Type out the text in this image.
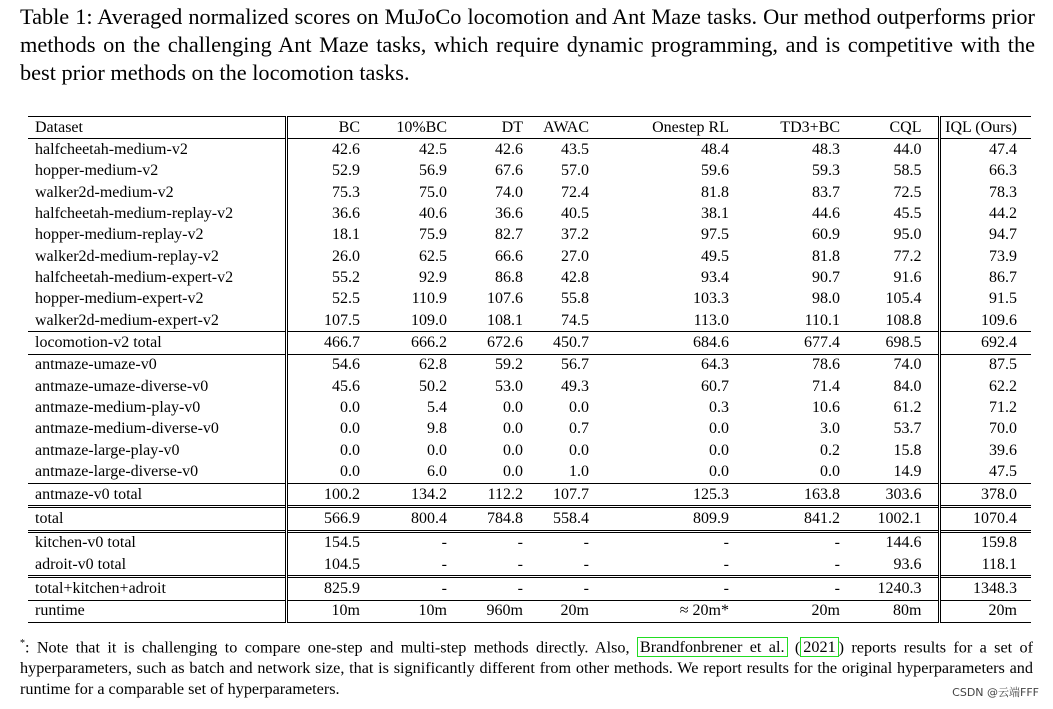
Table 1: Averaged normalized scores on MuJoCo locomotion and Ant Maze tasks. Our method outperforms prior methods on the challenging Ant Maze tasks, which require dynamic programming, and is competitive with the best prior methods on the locomotion tasks.
Dataset	BC	10%BC	DT	AWAC	Onestep RL	TD3+BC	CQL	IQL (Ours)
halfcheetah-medium-v2	42.6	42.5	42.6	43.5	48.4	48.3	44.0	47.4
hopper-medium-v2	52.9	56.9	67.6	57.0	59.6	59.3	58.5	66.3
walker2d-medium-v2	75.3	75.0	74.0	72.4	81.8	83.7	72.5	78.3
halfcheetah-medium-replay-v2	36.6	40.6	36.6	40.5	38.1	44.6	45.5	44.2
hopper-medium-replay-v2	18.1	75.9	82.7	37.2	97.5	60.9	95.0	94.7
walker2d-medium-replay-v2	26.0	62.5	66.6	27.0	49.5	81.8	77.2	73.9
halfcheetah-medium-expert-v2	55.2	92.9	86.8	42.8	93.4	90.7	91.6	86.7
hopper-medium-expert-v2	52.5	110.9	107.6	55.8	103.3	98.0	105.4	91.5
walker2d-medium-expert-v2	107.5	109.0	108.1	74.5	113.0	110.1	108.8	109.6
locomotion-v2 total	466.7	666.2	672.6	450.7	684.6	677.4	698.5	692.4
antmaze-umaze-v0	54.6	62.8	59.2	56.7	64.3	78.6	74.0	87.5
antmaze-umaze-diverse-v0	45.6	50.2	53.0	49.3	60.7	71.4	84.0	62.2
antmaze-medium-play-v0	0.0	5.4	0.0	0.0	0.3	10.6	61.2	71.2
antmaze-medium-diverse-v0	0.0	9.8	0.0	0.7	0.0	3.0	53.7	70.0
antmaze-large-play-v0	0.0	0.0	0.0	0.0	0.0	0.2	15.8	39.6
antmaze-large-diverse-v0	0.0	6.0	0.0	1.0	0.0	0.0	14.9	47.5
antmaze-v0 total	100.2	134.2	112.2	107.7	125.3	163.8	303.6	378.0
total	566.9	800.4	784.8	558.4	809.9	841.2	1002.1	1070.4
kitchen-v0 total	154.5	-	-	-	-	-	144.6	159.8
adroit-v0 total	104.5	-	-	-	-	-	93.6	118.1
total+kitchen+adroit	825.9	-	-	-	-	-	1240.3	1348.3
runtime	10m	10m	960m	20m	≈ 20m*	20m	80m	20m
*: Note that it is challenging to compare one-step and multi-step methods directly. Also, Brandfonbrener et al. ( 2021 ) reports results for a set of hyperparameters, such as batch and network size, that is significantly different from other methods. We report results for the original hyperparameters and runtime for a comparable set of hyperparameters.	CSDN @云端FFF
